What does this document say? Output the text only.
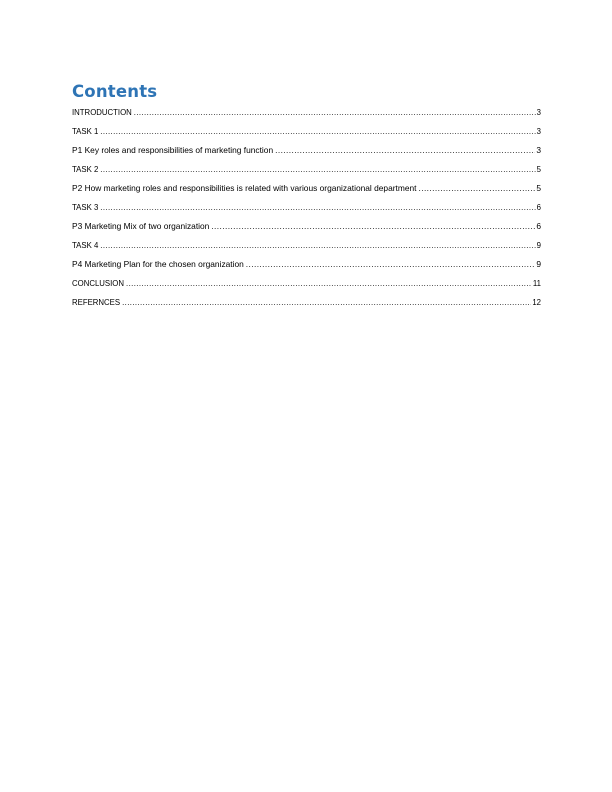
Contents
INTRODUCTION .....	3
TASK 1 .....	3
P1 Key roles and responsibilities of marketing function .....	3
TASK 2 .....	5
P2 How marketing roles and responsibilities is related with various organizational department .....	5
TASK 3 .....	6
P3 Marketing Mix of two organization .....	6
TASK 4 .....	9
P4 Marketing Plan for the chosen organization .....	9
CONCLUSION .....	11
REFERNCES .....	12
